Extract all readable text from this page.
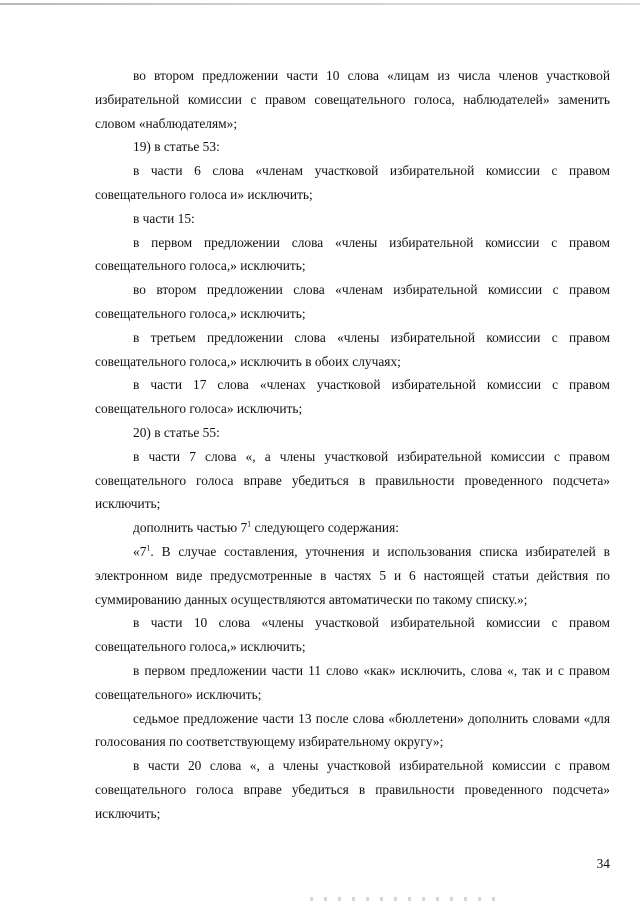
во втором предложении части 10 слова «лицам из числа членов участковой избирательной комиссии с правом совещательного голоса, наблюдателей» заменить словом «наблюдателям»;

19) в статье 53:

в части 6 слова «членам участковой избирательной комиссии с правом совещательного голоса и» исключить;

в части 15:

в первом предложении слова «члены избирательной комиссии с правом совещательного голоса,» исключить;

во втором предложении слова «членам избирательной комиссии с правом совещательного голоса,» исключить;

в третьем предложении слова «члены избирательной комиссии с правом совещательного голоса,» исключить в обоих случаях;

в части 17 слова «членах участковой избирательной комиссии с правом совещательного голоса» исключить;

20) в статье 55:

в части 7 слова «, а члены участковой избирательной комиссии с правом совещательного голоса вправе убедиться в правильности проведенного подсчета» исключить;

дополнить частью $7^1$ следующего содержания:

«$7^1$. В случае составления, уточнения и использования списка избирателей в электронном виде предусмотренные в частях 5 и 6 настоящей статьи действия по суммированию данных осуществляются автоматически по такому списку.»;

в части 10 слова «члены участковой избирательной комиссии с правом совещательного голоса,» исключить;

в первом предложении части 11 слово «как» исключить, слова «, так и с правом совещательного» исключить;

седьмое предложение части 13 после слова «бюллетени» дополнить словами «для голосования по соответствующему избирательному округу»;

в части 20 слова «, а члены участковой избирательной комиссии с правом совещательного голоса вправе убедиться в правильности проведенного подсчета» исключить;

34
